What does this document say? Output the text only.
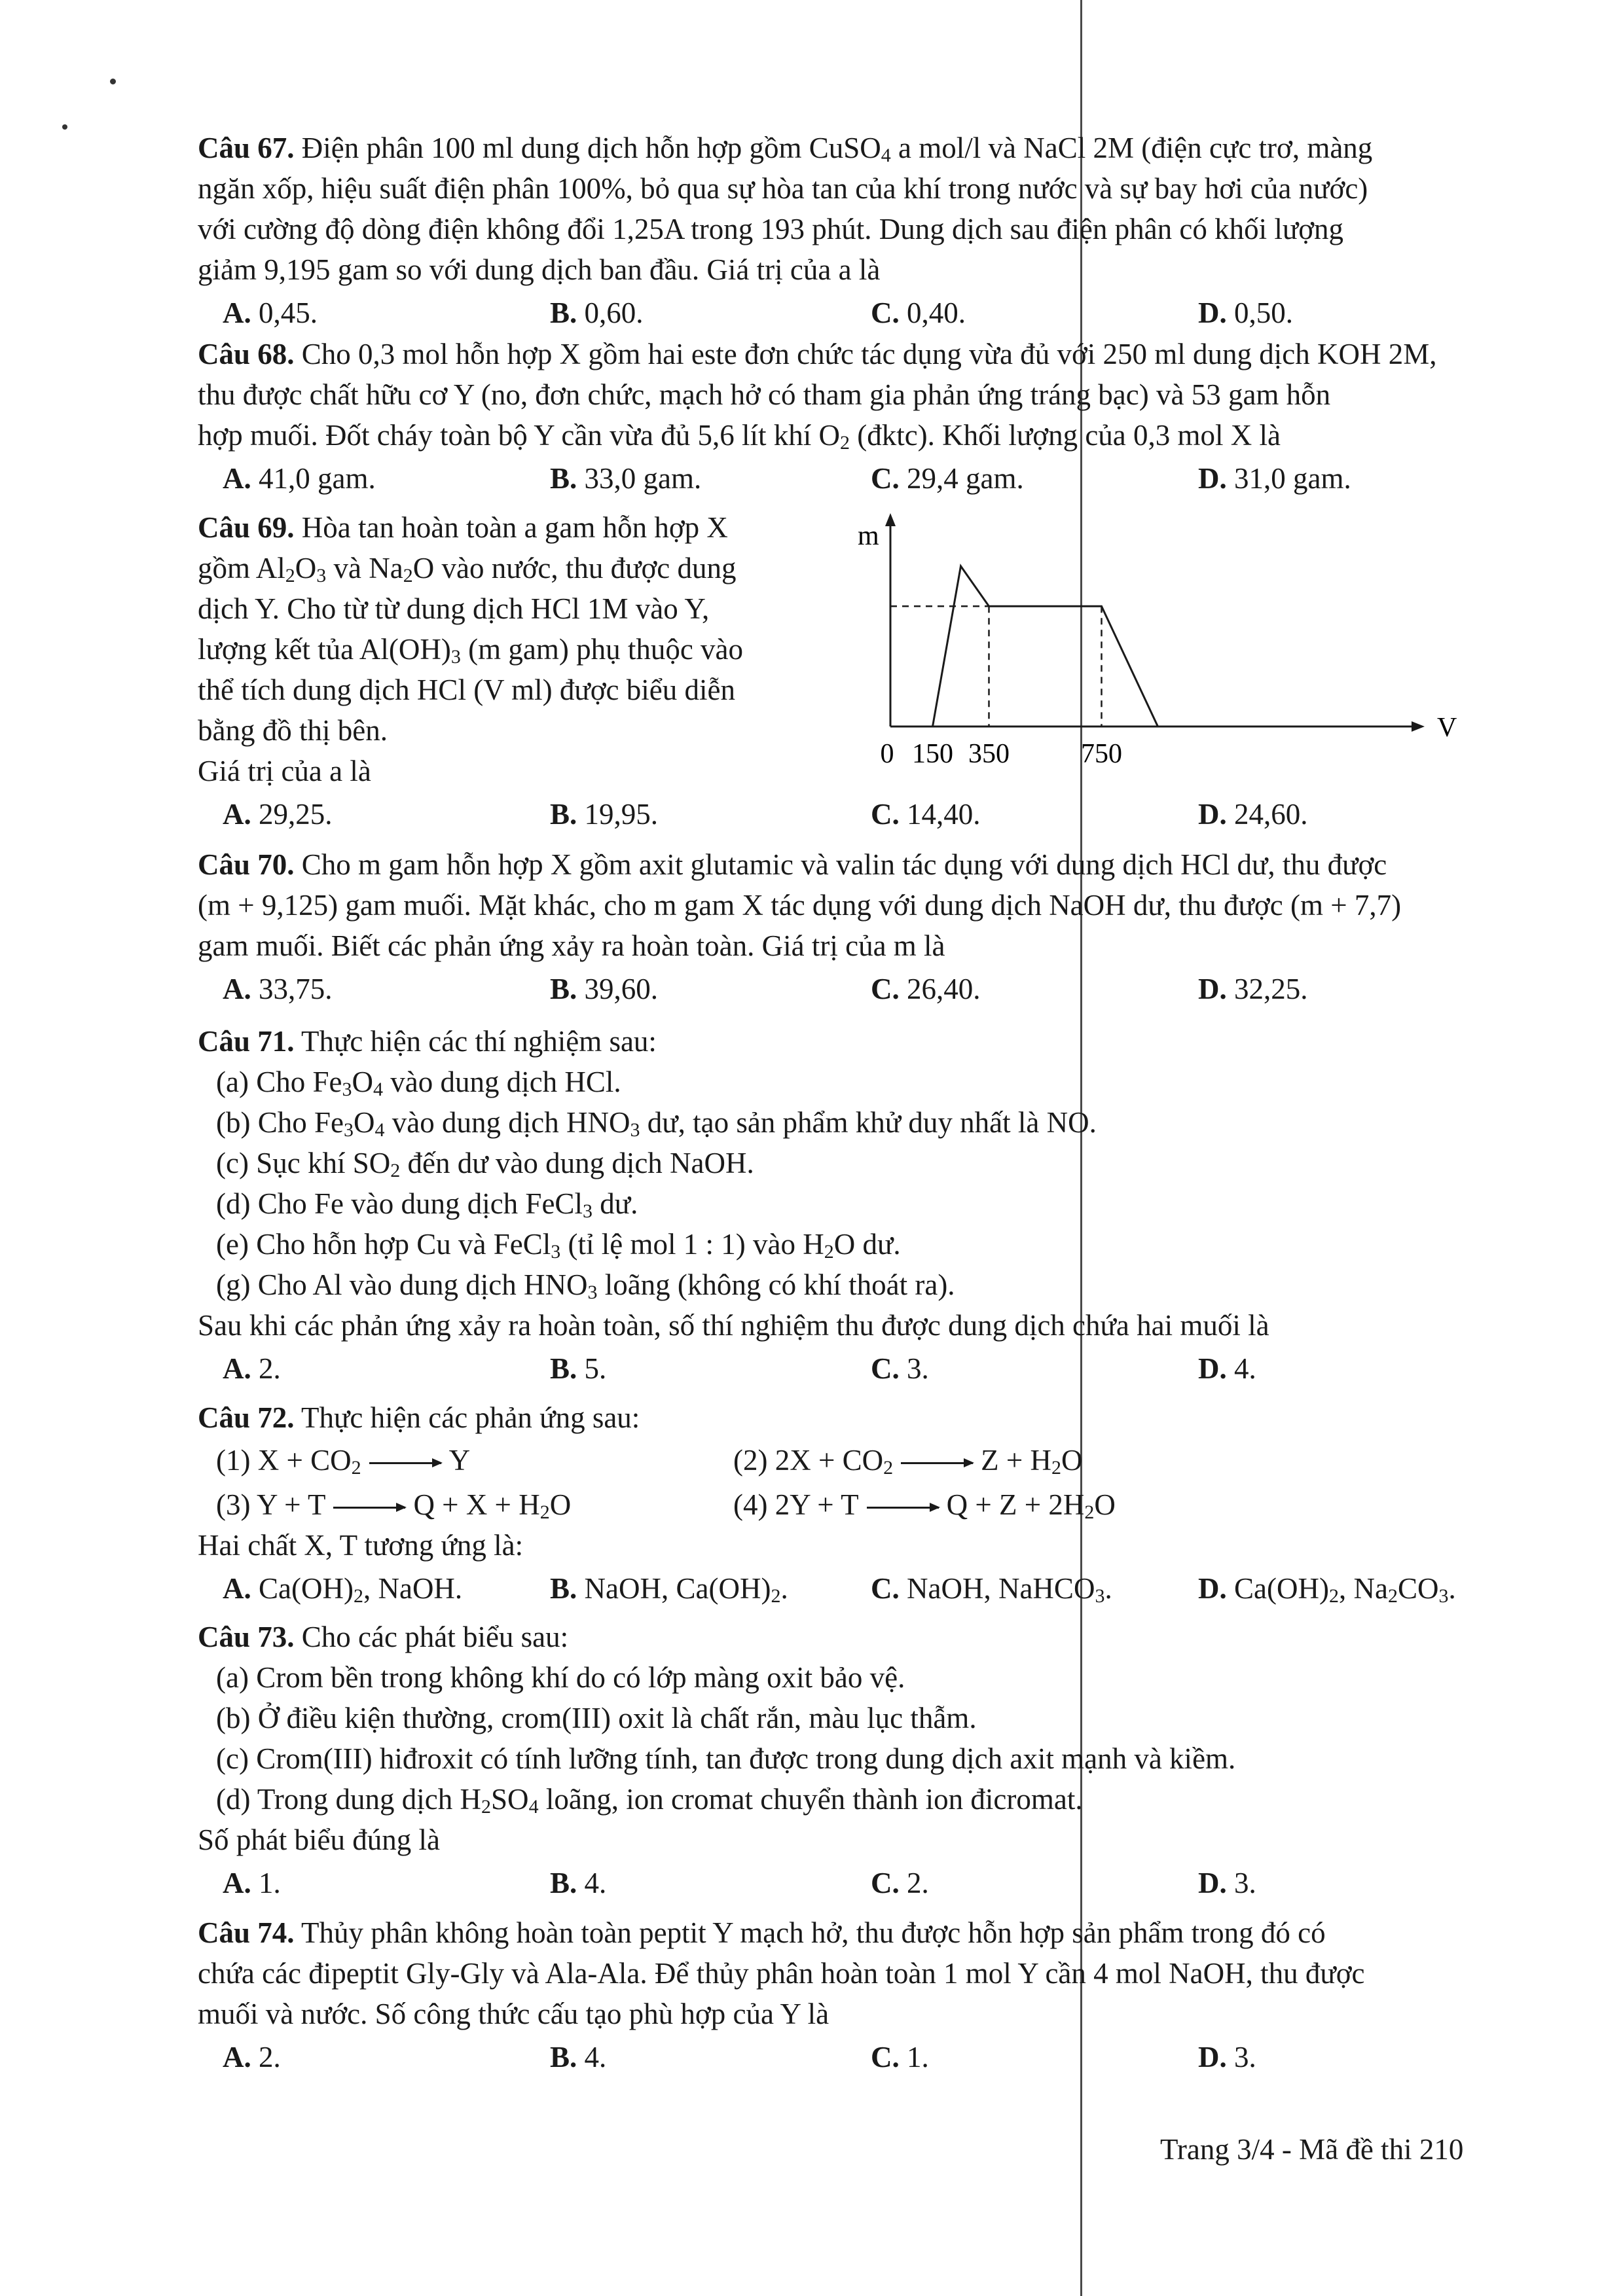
Câu 67. Điện phân 100 ml dung dịch hỗn hợp gồm CuSO$_4$ a mol/l và NaCl 2M (điện cực trơ, màng
ngăn xốp, hiệu suất điện phân 100%, bỏ qua sự hòa tan của khí trong nước và sự bay hơi của nước)
với cường độ dòng điện không đổi 1,25A trong 193 phút. Dung dịch sau điện phân có khối lượng
giảm 9,195 gam so với dung dịch ban đầu. Giá trị của a là
A. 0,45.	B. 0,60.	C. 0,40.	D. 0,50.
Câu 68. Cho 0,3 mol hỗn hợp X gồm hai este đơn chức tác dụng vừa đủ với 250 ml dung dịch KOH 2M,
thu được chất hữu cơ Y (no, đơn chức, mạch hở có tham gia phản ứng tráng bạc) và 53 gam hỗn
hợp muối. Đốt cháy toàn bộ Y cần vừa đủ 5,6 lít khí $O_2$ (đktc). Khối lượng của 0,3 mol X là
A. 41,0 gam.	B. 33,0 gam.	C. 29,4 gam.	D. 31,0 gam.
Câu 69. Hòa tan hoàn toàn a gam hỗn hợp X
gồm $Al_2O_3$ và $Na_2O$ vào nước, thu được dung
dịch Y. Cho từ từ dung dịch HCl 1M vào Y,
lượng kết tủa $Al(OH)_3$ (m gam) phụ thuộc vào
thể tích dung dịch HCl (V ml) được biểu diễn
bằng đồ thị bên.
Giá trị của a là
m
V
0 150 350	750
A. 29,25.	B. 19,95.	C. 14,40.	D. 24,60.
Câu 70. Cho m gam hỗn hợp X gồm axit glutamic và valin tác dụng với dung dịch HCl dư, thu được
(m + 9,125) gam muối. Mặt khác, cho m gam X tác dụng với dung dịch NaOH dư, thu được (m + 7,7)
gam muối. Biết các phản ứng xảy ra hoàn toàn. Giá trị của m là
A. 33,75.	B. 39,60.	C. 26,40.	D. 32,25.
Câu 71. Thực hiện các thí nghiệm sau:
(a) Cho $Fe_3O_4$ vào dung dịch HCl.
(b) Cho $Fe_3O_4$ vào dung dịch $HNO_3$ dư, tạo sản phẩm khử duy nhất là NO.
(c) Sục khí $SO_2$ đến dư vào dung dịch NaOH.
(d) Cho Fe vào dung dịch FeCl$_3$ dư.
(e) Cho hỗn hợp Cu và FeCl$_3$ (tỉ lệ mol 1 : 1) vào $H_2O$ dư.
(g) Cho Al vào dung dịch $HNO_3$ loãng (không có khí thoát ra).
Sau khi các phản ứng xảy ra hoàn toàn, số thí nghiệm thu được dung dịch chứa hai muối là
A. 2.	B. 5.	C. 3.	D. 4.
Câu 72. Thực hiện các phản ứng sau:
(1) $X + CO_2$	Y	(2) $2X + CO_2$	$Z + H_2O$
(3) Y + T	$Q + X + H_2O$	(4) 2Y + T	$Q + Z + 2H_2O$
Hai chất X, T tương ứng là:
A. $Ca(OH)_2$, NaOH.	B. NaOH, $Ca(OH)_2$.	C. NaOH, NaHCO$_3$.	D. $Ca(OH)_2$, $Na_2CO_3$.
Câu 73. Cho các phát biểu sau:
(a) Crom bền trong không khí do có lớp màng oxit bảo vệ.
(b) Ở điều kiện thường, crom(III) oxit là chất rắn, màu lục thẫm.
(c) Crom(III) hiđroxit có tính lưỡng tính, tan được trong dung dịch axit mạnh và kiềm.
(d) Trong dung dịch $H_2SO_4$ loãng, ion cromat chuyển thành ion đicromat.
Số phát biểu đúng là
A. 1.	B. 4.	C. 2.	D. 3.
Câu 74. Thủy phân không hoàn toàn peptit Y mạch hở, thu được hỗn hợp sản phẩm trong đó có
chứa các đipeptit Gly-Gly và Ala-Ala. Để thủy phân hoàn toàn 1 mol Y cần 4 mol NaOH, thu được
muối và nước. Số công thức cấu tạo phù hợp của Y là
A. 2.	B. 4.	C. 1.	D. 3.
Trang 3/4 - Mã đề thi 210
